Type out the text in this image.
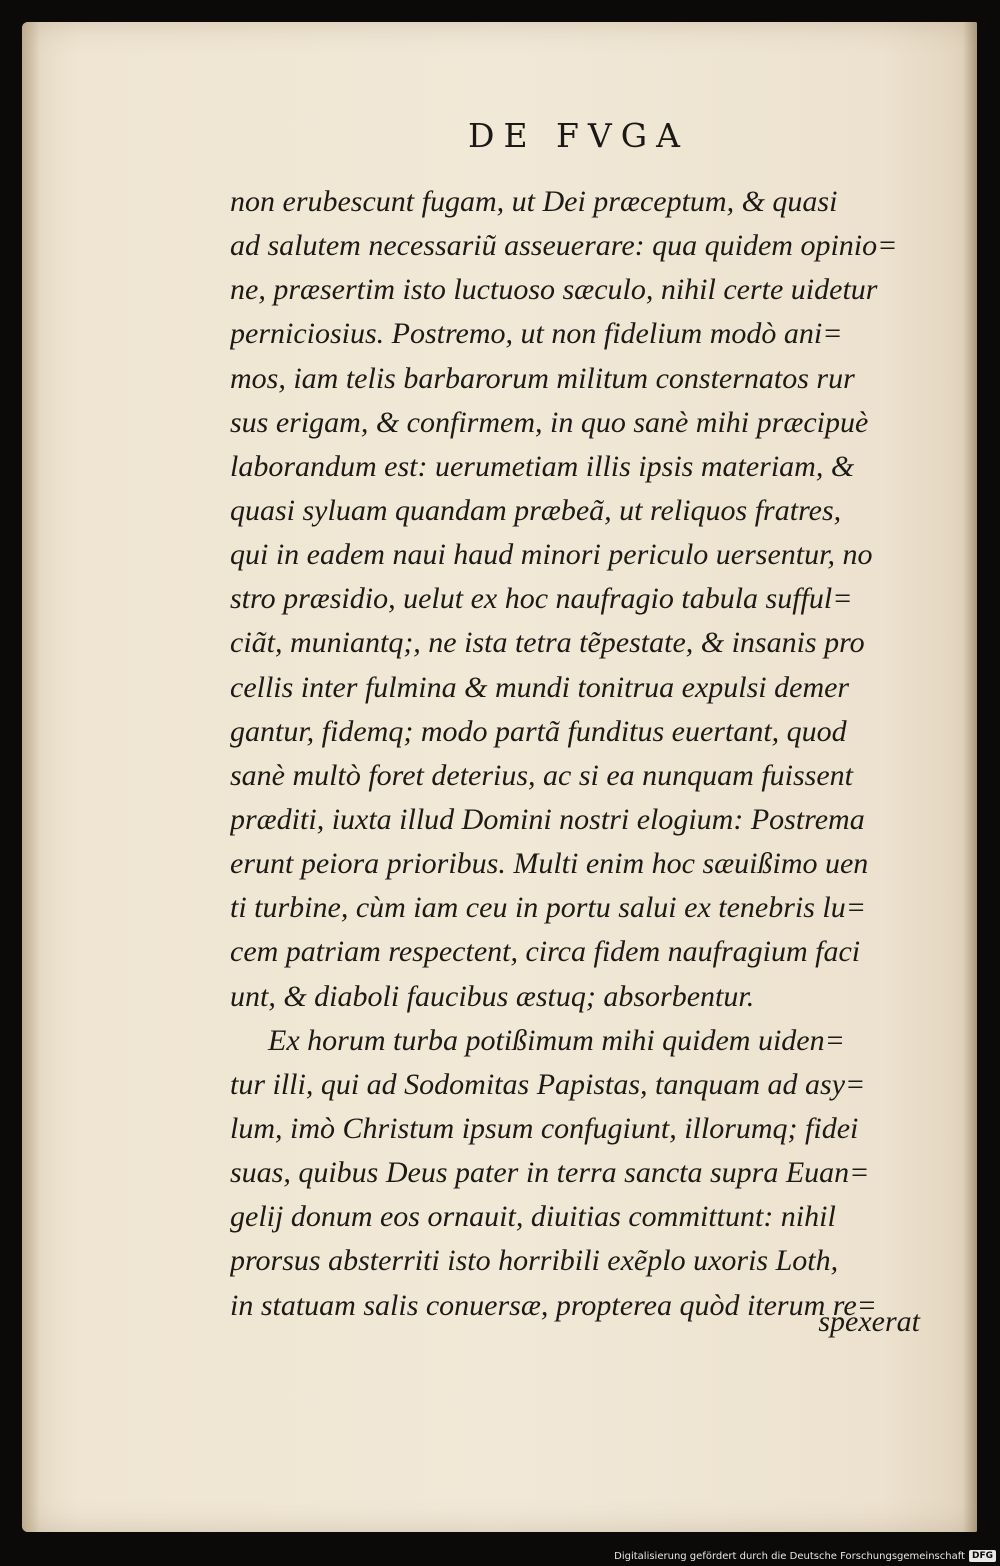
DE FVGA
non erubescunt fugam, ut Dei præceptum, & quasi
ad salutem necessariũ asseuerare: qua quidem opinio=
ne, præsertim isto luctuoso sæculo, nihil certe uidetur
perniciosius. Postremo, ut non fidelium modò ani=
mos, iam telis barbarorum militum consternatos rur
sus erigam, & confirmem, in quo sanè mihi præcipuè
laborandum est: uerumetiam illis ipsis materiam, &
quasi syluam quandam præbeã, ut reliquos fratres,
qui in eadem naui haud minori periculo uersentur, no
stro præsidio, uelut ex hoc naufragio tabula sufful=
ciãt, muniantq;, ne ista tetra tẽpestate, & insanis pro
cellis inter fulmina & mundi tonitrua expulsi demer
gantur, fidemq; modo partã funditus euertant, quod
sanè multò foret deterius, ac si ea nunquam fuissent
præditi, iuxta illud Domini nostri elogium: Postrema
erunt peiora prioribus. Multi enim hoc sæuißimo uen
ti turbine, cùm iam ceu in portu salui ex tenebris lu=
cem patriam respectent, circa fidem naufragium faci
unt, & diaboli faucibus æstuq; absorbentur.
Ex horum turba potißimum mihi quidem uiden=
tur illi, qui ad Sodomitas Papistas, tanquam ad asy=
lum, imò Christum ipsum confugiunt, illorumq; fidei
suas, quibus Deus pater in terra sancta supra Euan=
gelij donum eos ornauit, diuitias committunt: nihil
prorsus absterriti isto horribili exẽplo uxoris Loth,
in statuam salis conuersæ, propterea quòd iterum re=
spexerat
Digitalisierung gefördert durch die Deutsche Forschungsgemeinschaft DFG
